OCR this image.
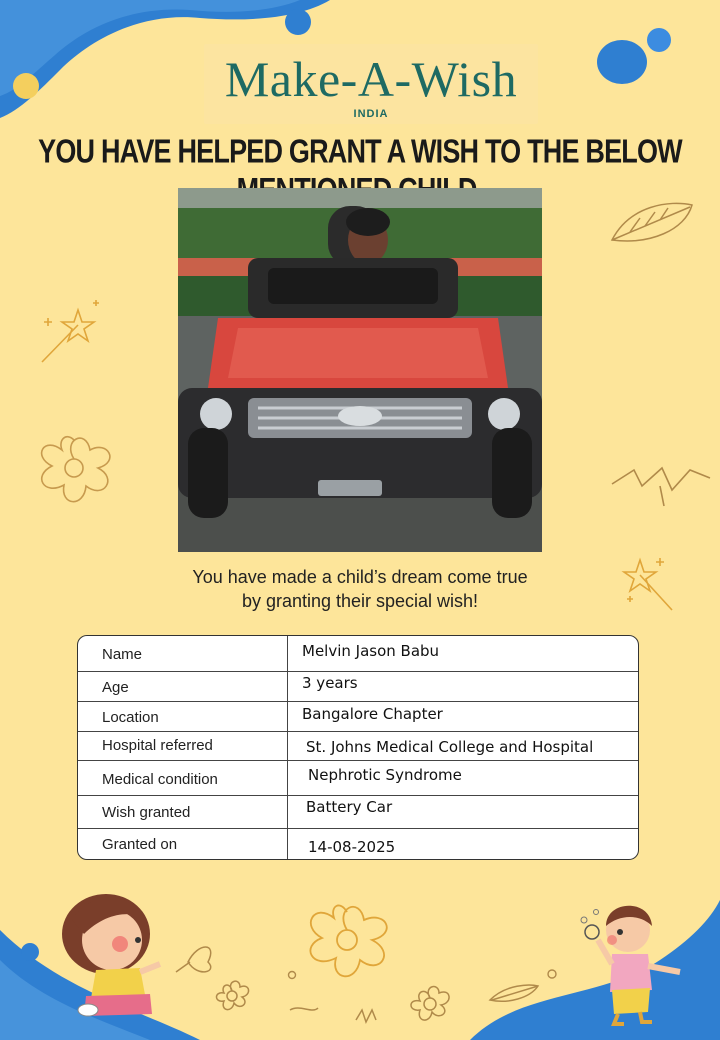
Make-A-Wish
INDIA
YOU HAVE HELPED GRANT A WISH TO THE BELOW
You have made a child’s dream come true
by granting their special wish!
Name	Melvin Jason Babu
Age	3 years
Location	Bangalore Chapter
Hospital referred	St. Johns Medical College and Hospital
Medical condition	Nephrotic Syndrome
Wish granted	Battery Car
Granted on	14-08-2025
